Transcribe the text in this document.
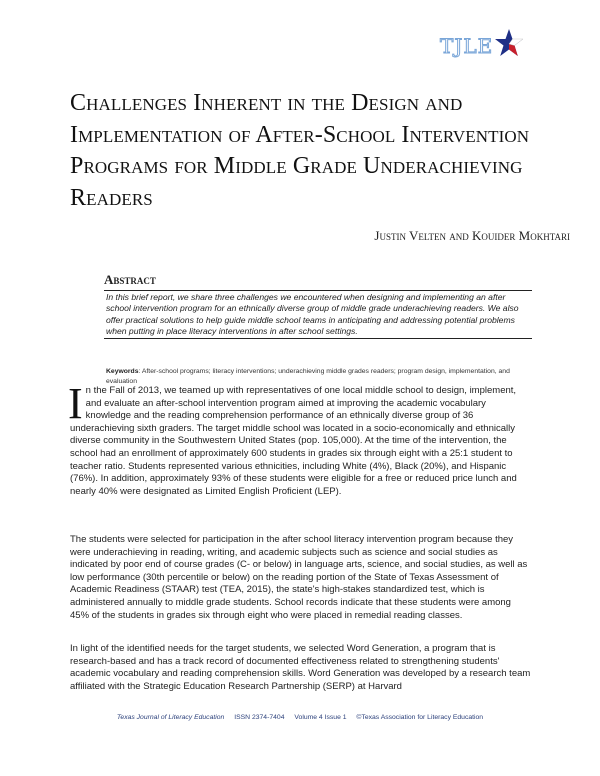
TJLE
Challenges Inherent in the Design and Implementation of After-School Intervention Programs for Middle Grade Underachieving Readers
Justin Velten and Kouider Mokhtari
Abstract
In this brief report, we share three challenges we encountered when designing and implementing an after school intervention program for an ethnically diverse group of middle grade underachieving readers. We also offer practical solutions to help guide middle school teams in anticipating and addressing potential problems when putting in place literacy interventions in after school settings.
Keywords: After-school programs; literacy interventions; underachieving middle grades readers; program design, implementation, and evaluation
In the Fall of 2013, we teamed up with representatives of one local middle school to design, implement, and evaluate an after-school intervention program aimed at improving the academic vocabulary knowledge and the reading comprehension performance of an ethnically diverse group of 36 underachieving sixth graders. The target middle school was located in a socio-economically and ethnically diverse community in the Southwestern United States (pop. 105,000). At the time of the intervention, the school had an enrollment of approximately 600 students in grades six through eight with a 25:1 student to teacher ratio. Students represented various ethnicities, including White (4%), Black (20%), and Hispanic (76%). In addition, approximately 93% of these students were eligible for a free or reduced price lunch and nearly 40% were designated as Limited English Proficient (LEP).
The students were selected for participation in the after school literacy intervention program because they were underachieving in reading, writing, and academic subjects such as science and social studies as indicated by poor end of course grades (C- or below) in language arts, science, and social studies, as well as low performance (30th percentile or below) on the reading portion of the State of Texas Assessment of Academic Readiness (STAAR) test (TEA, 2015), the state's high-stakes standardized test, which is administered annually to middle grade students. School records indicate that these students were among 45% of the students in grades six through eight who were placed in remedial reading classes.
In light of the identified needs for the target students, we selected Word Generation, a program that is research-based and has a track record of documented effectiveness related to strengthening students' academic vocabulary and reading comprehension skills. Word Generation was developed by a research team affiliated with the Strategic Education Research Partnership (SERP) at Harvard
Texas Journal of Literacy Education ISSN 2374-7404 Volume 4 Issue 1 ©Texas Association for Literacy Education
